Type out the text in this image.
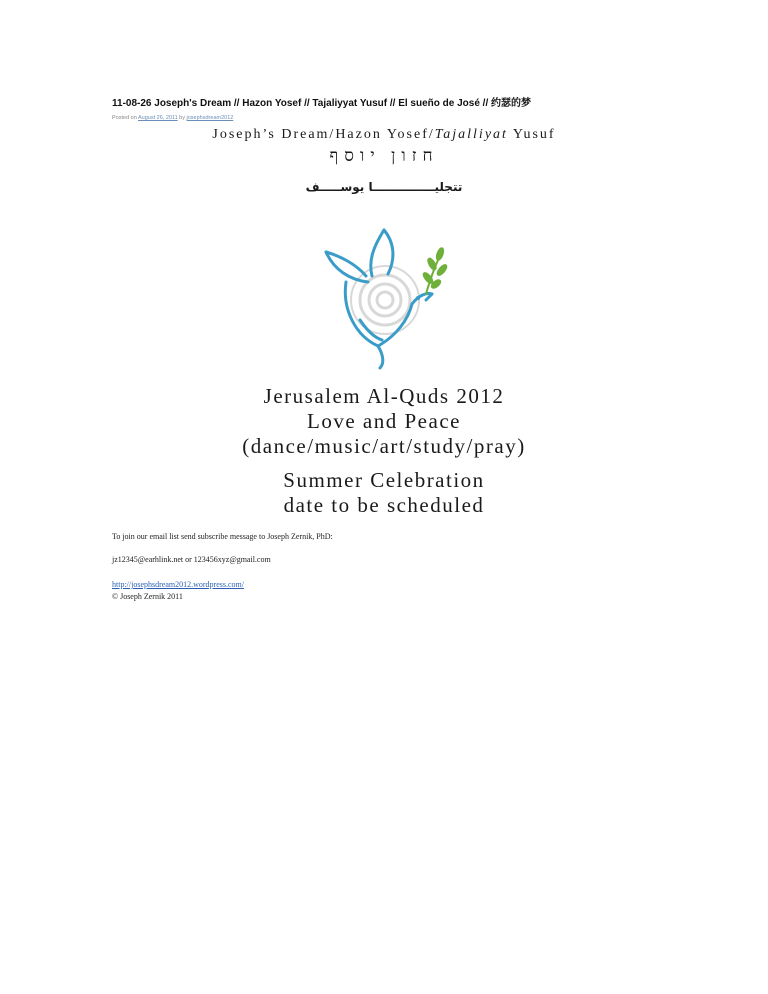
11-08-26 Joseph's Dream // Hazon Yosef // Tajaliyyat Yusuf // El sueño de José // 约瑟的梦
Posted on August 26, 2011 by josephsdream2012
Joseph’s Dream/Hazon Yosef/Tajalliyat Yusuf
חזון יוסף
تتجليـــــــــــــــا يوســـــف
Jerusalem Al-Quds 2012
Love and Peace
(dance/music/art/study/pray)
Summer Celebration
date to be scheduled
To join our email list send subscribe message to Joseph Zernik, PhD:
jz12345@earhlink.net or 123456xyz@gmail.com
http://josephsdream2012.wordpress.com/
© Joseph Zernik 2011
